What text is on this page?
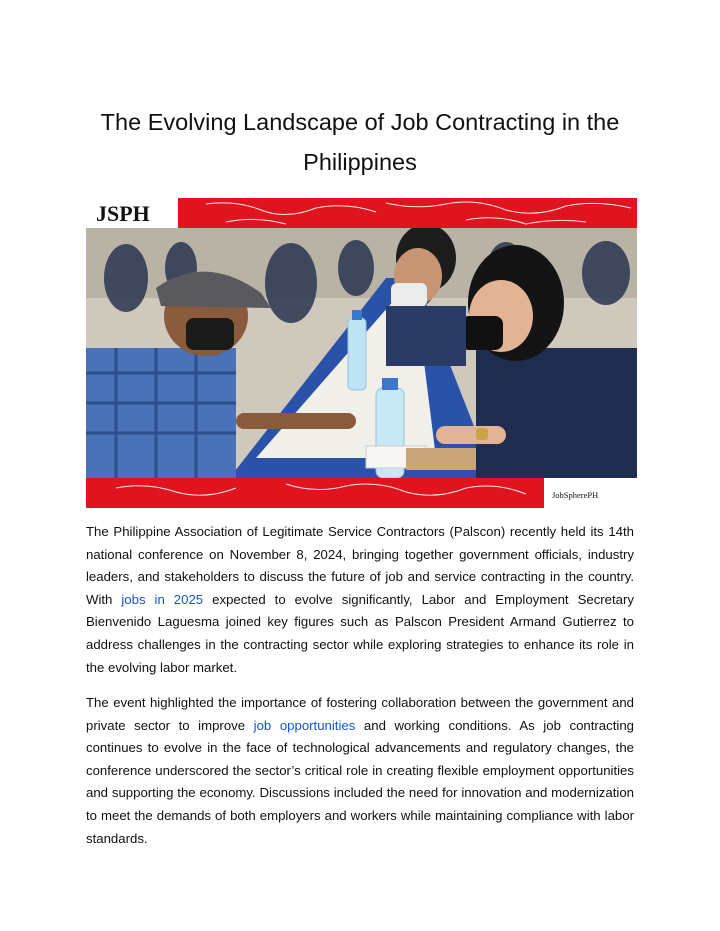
The Evolving Landscape of Job Contracting in the Philippines
JSPH
JobSpherePH

The Philippine Association of Legitimate Service Contractors (Palscon) recently held its 14th national conference on November 8, 2024, bringing together government officials, industry leaders, and stakeholders to discuss the future of job and service contracting in the country. With jobs in 2025 expected to evolve significantly, Labor and Employment Secretary Bienvenido Laguesma joined key figures such as Palscon President Armand Gutierrez to address challenges in the contracting sector while exploring strategies to enhance its role in the evolving labor market.

The event highlighted the importance of fostering collaboration between the government and private sector to improve job opportunities and working conditions. As job contracting continues to evolve in the face of technological advancements and regulatory changes, the conference underscored the sector’s critical role in creating flexible employment opportunities and supporting the economy. Discussions included the need for innovation and modernization to meet the demands of both employers and workers while maintaining compliance with labor standards.
